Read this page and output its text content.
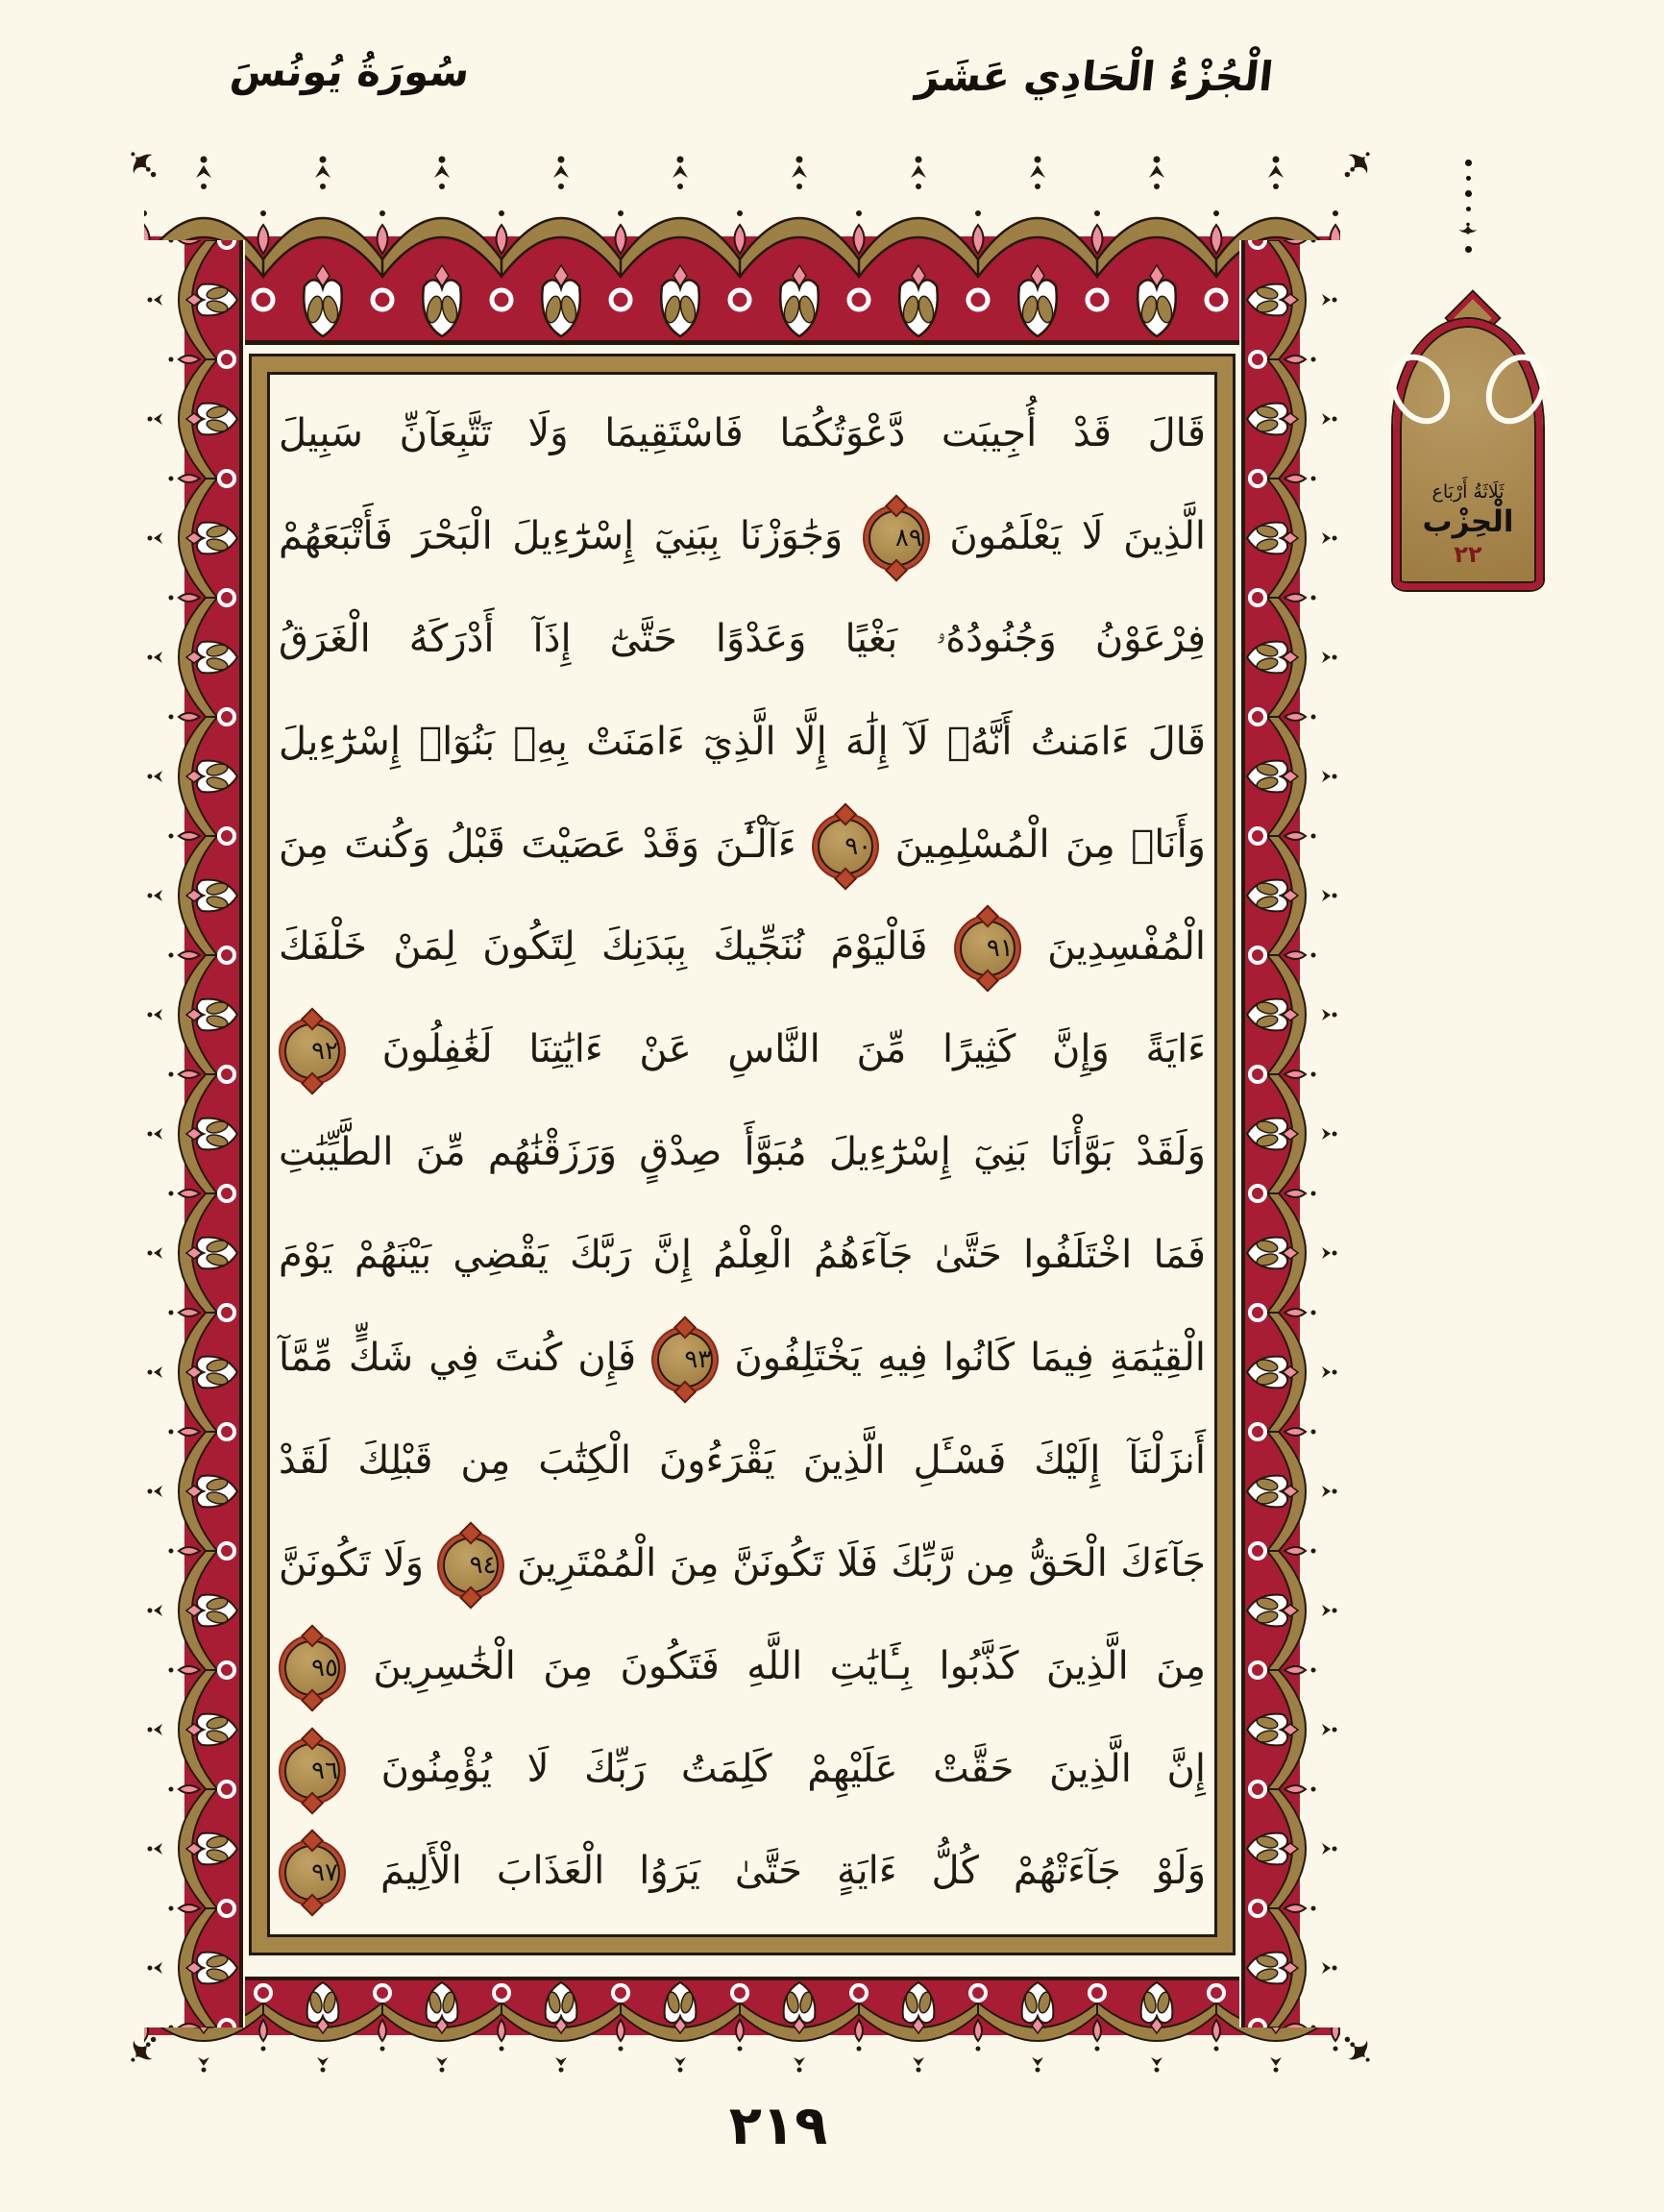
سُورَةُ يُونُسَ	الْجُزْءُ الْحَادِي عَشَرَ
قَالَ قَدْ أُجِيبَت دَّعْوَتُكُمَا فَاسْتَقِيمَا وَلَا تَتَّبِعَآنِّ سَبِيلَ
الَّذِينَ لَا يَعْلَمُونَ
٨٩
وَجَٰوَزْنَا بِبَنِيٓ إِسْرَٰٓءِيلَ الْبَحْرَ فَأَتْبَعَهُمْ
فِرْعَوْنُ وَجُنُودُهُۥ بَغْيًا وَعَدْوًا حَتَّىٰٓ إِذَآ أَدْرَكَهُ الْغَرَقُ
قَالَ ءَامَنتُ أَنَّهُۥ لَآ إِلَٰهَ إِلَّا الَّذِيٓ ءَامَنَتْ بِهِۦ بَنُوٓا۟ إِسْرَٰٓءِيلَ
وَأَنَا۠ مِنَ الْمُسْلِمِينَ
٩٠
ءَآلْـَٰٔنَ وَقَدْ عَصَيْتَ قَبْلُ وَكُنتَ مِنَ
الْمُفْسِدِينَ
٩١
فَالْيَوْمَ نُنَجِّيكَ بِبَدَنِكَ لِتَكُونَ لِمَنْ خَلْفَكَ
ءَايَةً وَإِنَّ كَثِيرًا مِّنَ النَّاسِ عَنْ ءَايَٰتِنَا لَغَٰفِلُونَ
٩٢
وَلَقَدْ بَوَّأْنَا بَنِيٓ إِسْرَٰٓءِيلَ مُبَوَّأَ صِدْقٍ وَرَزَقْنَٰهُم مِّنَ الطَّيِّبَٰتِ
فَمَا اخْتَلَفُوا حَتَّىٰ جَآءَهُمُ الْعِلْمُ إِنَّ رَبَّكَ يَقْضِي بَيْنَهُمْ يَوْمَ
الْقِيَٰمَةِ فِيمَا كَانُوا فِيهِ يَخْتَلِفُونَ
٩٣
فَإِن كُنتَ فِي شَكٍّ مِّمَّآ
أَنزَلْنَآ إِلَيْكَ فَسْـَٔلِ الَّذِينَ يَقْرَءُونَ الْكِتَٰبَ مِن قَبْلِكَ لَقَدْ
جَآءَكَ الْحَقُّ مِن رَّبِّكَ فَلَا تَكُونَنَّ مِنَ الْمُمْتَرِينَ
٩٤
وَلَا تَكُونَنَّ
مِنَ الَّذِينَ كَذَّبُوا بِـَٔايَٰتِ اللَّهِ فَتَكُونَ مِنَ الْخَٰسِرِينَ
٩٥
إِنَّ الَّذِينَ حَقَّتْ عَلَيْهِمْ كَلِمَتُ رَبِّكَ لَا يُؤْمِنُونَ
٩٦
وَلَوْ جَآءَتْهُمْ كُلُّ ءَايَةٍ حَتَّىٰ يَرَوُا الْعَذَابَ الْأَلِيمَ
٩٧
ثَلَاثَةُ أَرْبَاع
الْحِزْب
٢٢
٢١٩
